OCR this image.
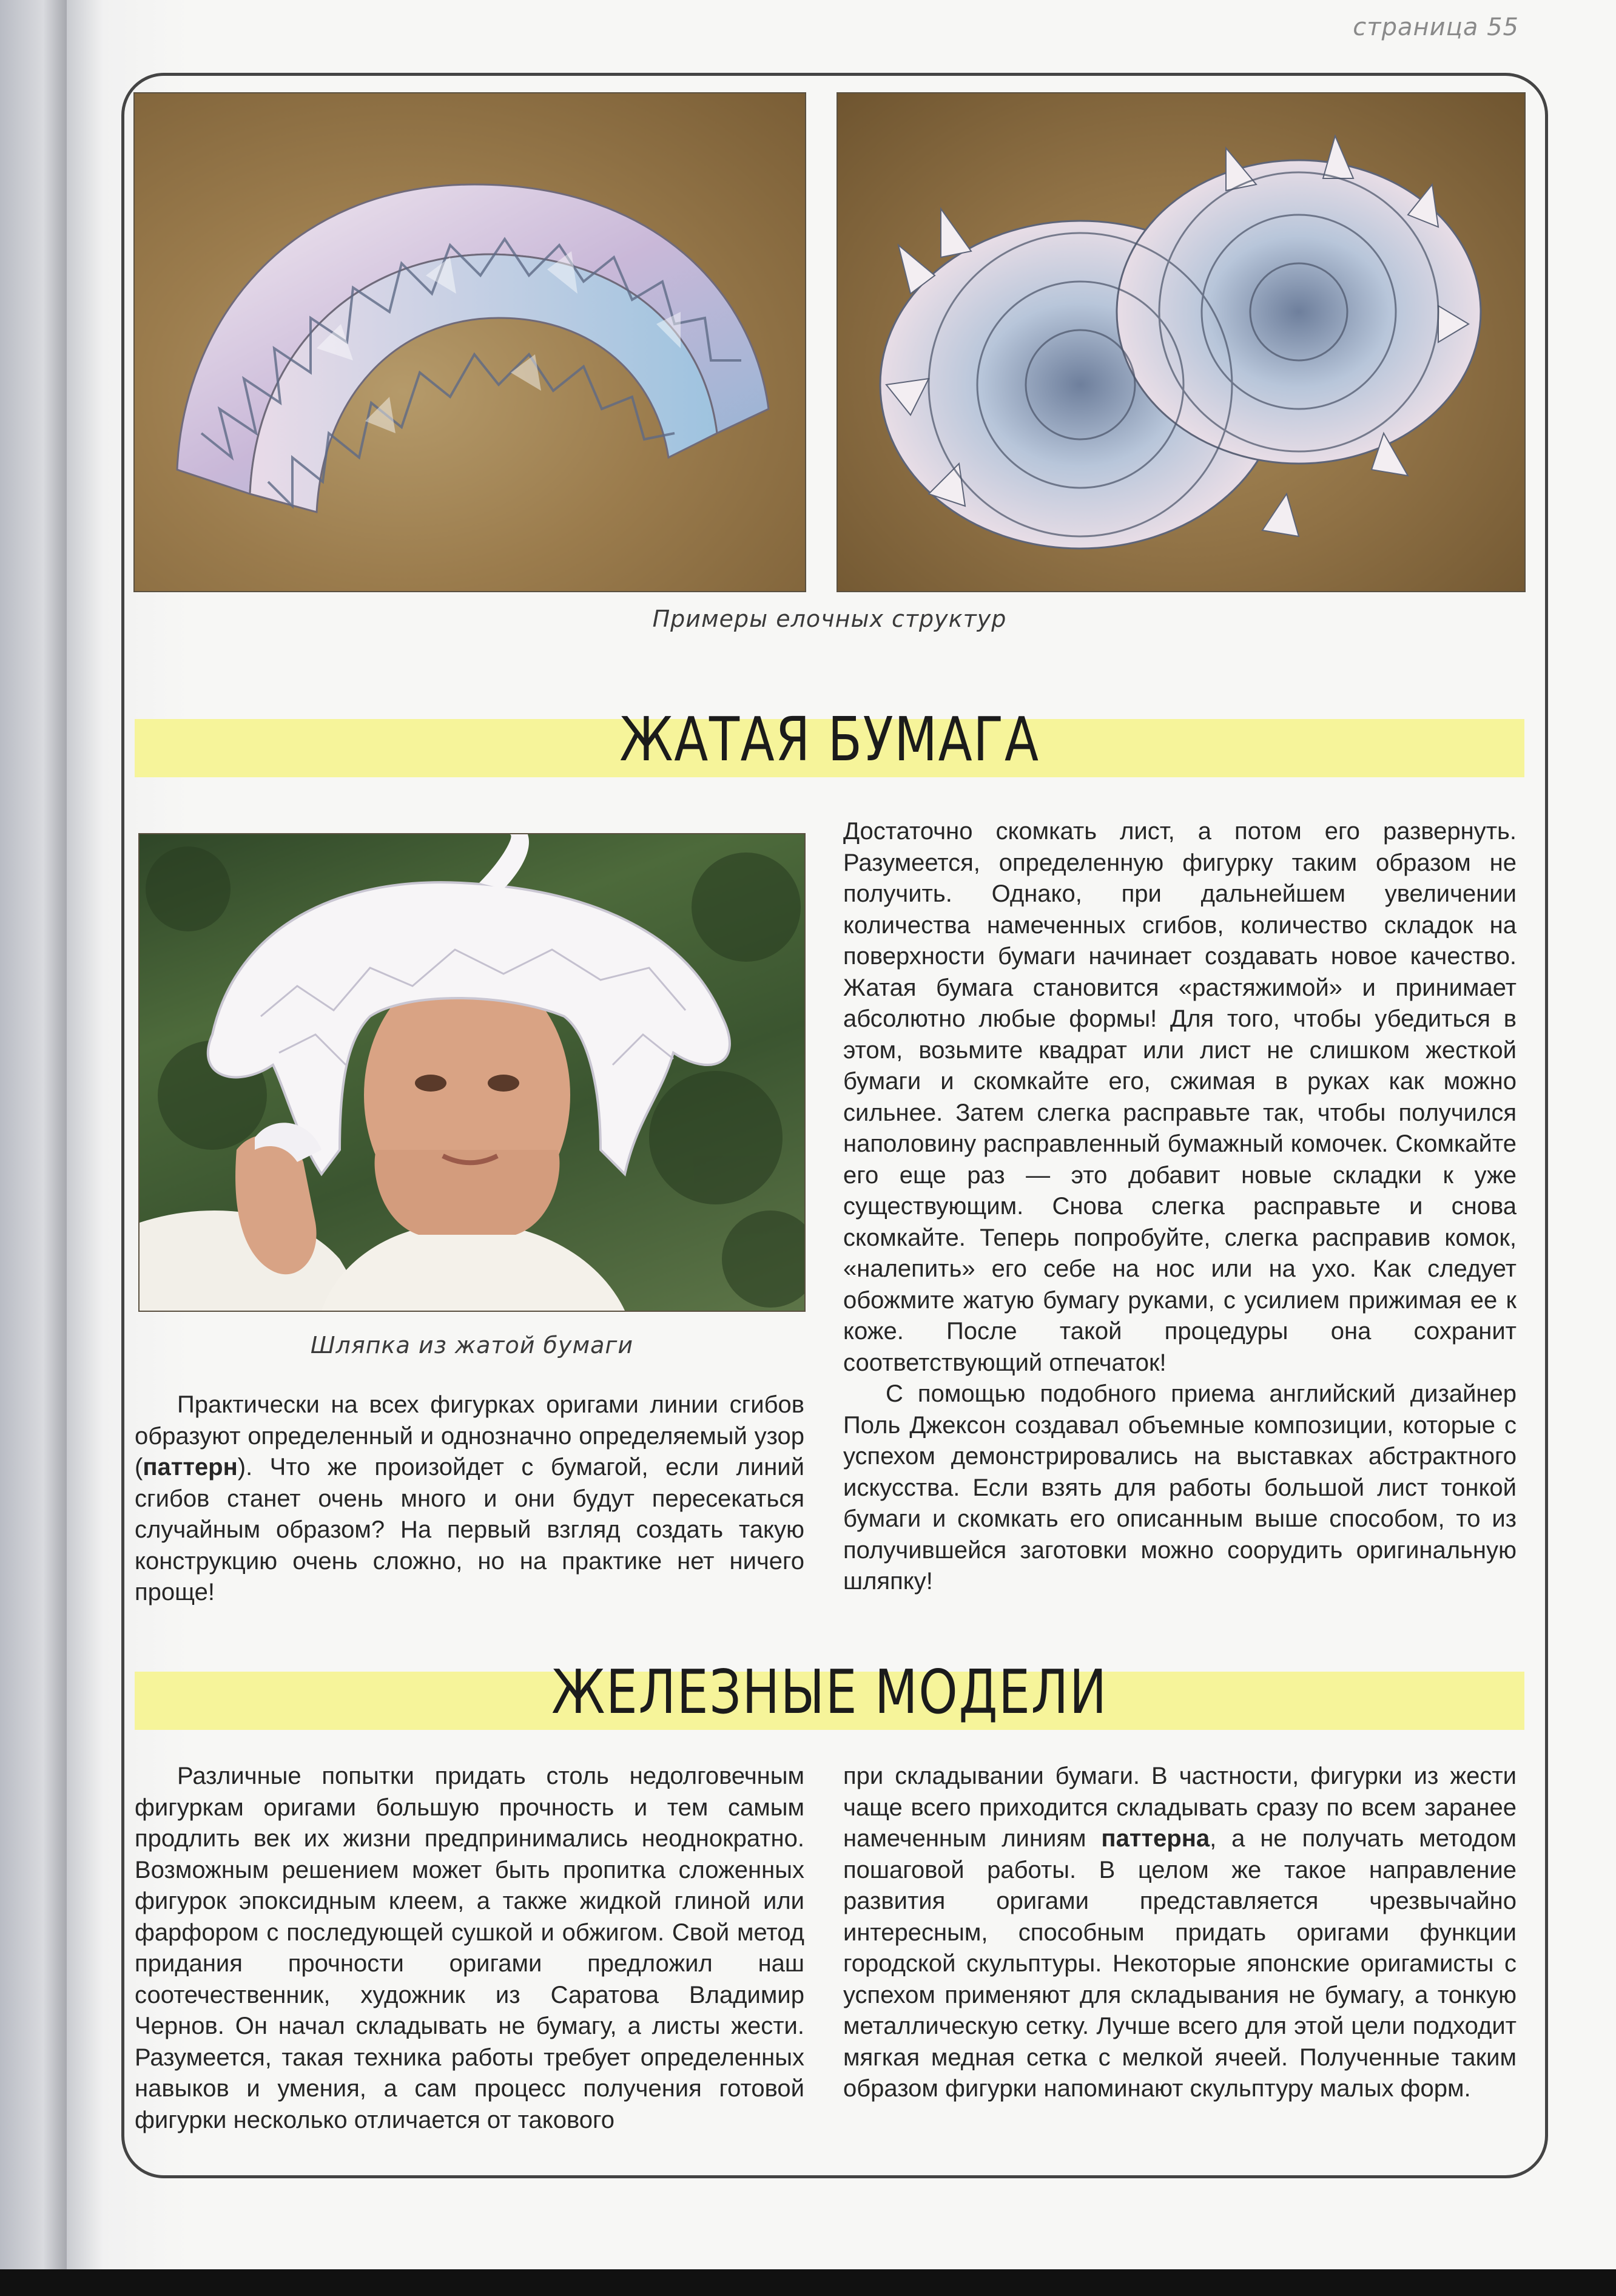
страница 55
Примеры елочных структур
ЖАТАЯ БУМАГА
Шляпка из жатой бумаги

Достаточно скомкать лист, а потом его развернуть. Разумеется, определенную фигурку таким образом не получить. Однако, при дальнейшем увеличении количества намеченных сгибов, количество складок на поверхности бумаги начинает создавать новое качество. Жатая бумага становится «растяжимой» и принимает абсолютно любые формы! Для того, чтобы убедиться в этом, возьмите квадрат или лист не слишком жесткой бумаги и скомкайте его, сжимая в руках как можно сильнее. Затем слегка расправьте так, чтобы получился наполовину расправленный бумажный комочек. Скомкайте его еще раз — это добавит новые складки к уже существующим. Снова слегка расправьте и снова скомкайте. Теперь попробуйте, слегка расправив комок, «налепить» его себе на нос или на ухо. Как следует обожмите жатую бумагу руками, с усилием прижимая ее к коже. После такой процедуры она сохранит соответствующий отпечаток!

С помощью подобного приема английский дизайнер Поль Джексон создавал объемные композиции, которые с успехом демонстрировались на выставках абстрактного искусства. Если взять для работы большой лист тонкой бумаги и скомкать его описанным выше способом, то из получившейся заготовки можно соорудить оригинальную шляпку!

Практически на всех фигурках оригами линии сгибов образуют определенный и однозначно определяемый узор (паттерн). Что же произойдет с бумагой, если линий сгибов станет очень много и они будут пересекаться случайным образом? На первый взгляд создать такую конструкцию очень сложно, но на практике нет ничего проще!

ЖЕЛЕЗНЫЕ МОДЕЛИ

Различные попытки придать столь недолговечным фигуркам оригами большую прочность и тем самым продлить век их жизни предпринимались неоднократно. Возможным решением может быть пропитка сложенных фигурок эпоксидным клеем, а также жидкой глиной или фарфором с последующей сушкой и обжигом. Свой метод придания прочности оригами предложил наш соотечественник, художник из Саратова Владимир Чернов. Он начал складывать не бумагу, а листы жести. Разумеется, такая техника работы требует определенных навыков и умения, а сам процесс получения готовой фигурки несколько отличается от такового

при складывании бумаги. В частности, фигурки из жести чаще всего приходится складывать сразу по всем заранее намеченным линиям паттерна, а не получать методом пошаговой работы. В целом же такое направление развития оригами представляется чрезвычайно интересным, способным придать оригами функции городской скульптуры. Некоторые японские оригамисты с успехом применяют для складывания не бумагу, а тонкую металлическую сетку. Лучше всего для этой цели подходит мягкая медная сетка с мелкой ячеей. Полученные таким образом фигурки напоминают скульптуру малых форм.
